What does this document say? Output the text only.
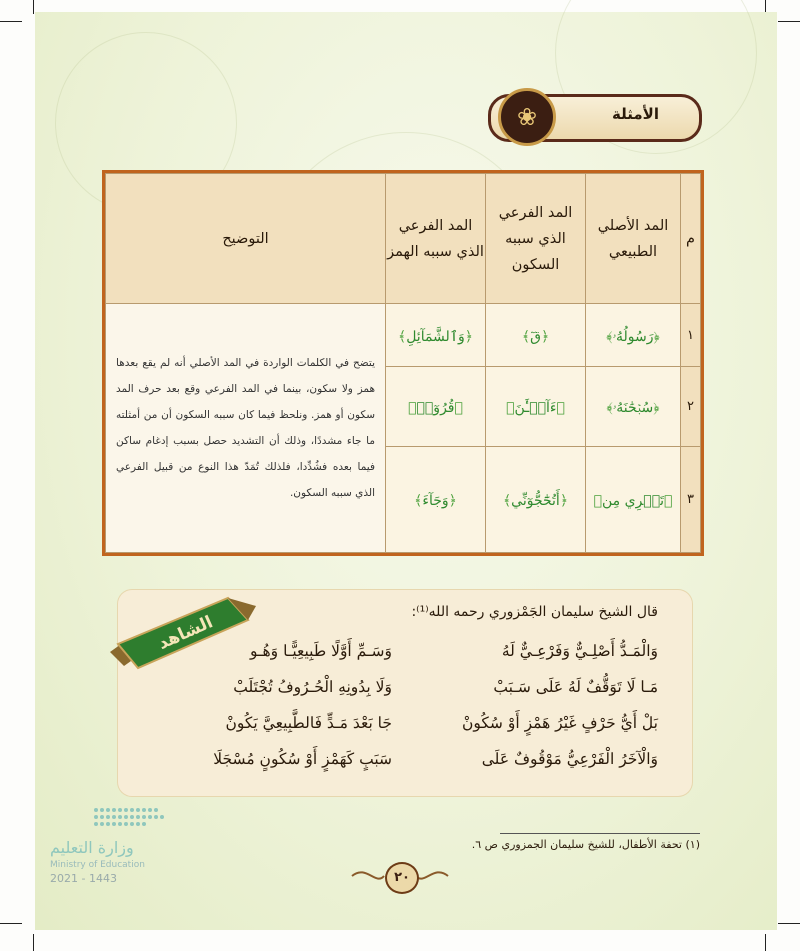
الأمثلة
❀
م	المد الأصلي الطبيعي	المد الفرعي الذي سببه السكون	المد الفرعي الذي سببه الهمز	التوضيح
١	﴿رَسُولُهُۥ﴾	﴿قٓ﴾	﴿وَٱلشَّمَآئِلِ﴾	يتضح في الكلمات الواردة في المد الأصلي أنه لم يقع بعدها همز ولا سكون، بينما في المد الفرعي وقع بعد حرف المد سكون أو همز. ونلحظ فيما كان سببه السكون أن من أمثلته ما جاء مشددًا، وذلك أن التشديد حصل بسبب إدغام ساكن فيما بعده فشُدِّدا، فلذلك تُمَدّ هذا النوع من قبيل الفرعي الذي سببه السكون.
٢	﴿سُبۡحَٰنَهُۥ﴾	﴿ءَآلۡـَٰٔنَ﴾	﴿قُرُوٓءٖ﴾	
٣	﴿تَجۡرِي مِن﴾	﴿أَتُحَٰٓجُّوٓنِّي﴾	﴿وَجَآءَ﴾	
قال الشيخ سليمان الجَمْزوري رحمه الله⁽¹⁾:
وَالْمَـدُّ أَصْلِـيٌّ وَفَرْعِـيٌّ لَهُ
وَسَـمِّ أَوَّلًا طَبِيعِيًّـا وَهُـو
مَـا لَا تَوَقُّفٌ لَهُ عَلَى سَـبَبْ
وَلَا بِدُونِهِ الْحُـرُوفُ تُجْتَلَبْ
بَلْ أَيُّ حَرْفٍ غَيْرُ هَمْزٍ أَوْ سُكُونْ
جَا بَعْدَ مَـدٍّ فَالطَّبِيعِيَّ يَكُونْ
وَالْآخَرُ الْفَرْعِيُّ مَوْقُوفٌ عَلَى
سَبَبٍ كَهَمْزٍ أَوْ سُكُونٍ مُسْجَلَا
الشاهد
(١) تحفة الأطفال، للشيخ سليمان الجمزوري ص ٦.
٢٠
وزارة التعليم
Ministry of Education
2021 - 1443
